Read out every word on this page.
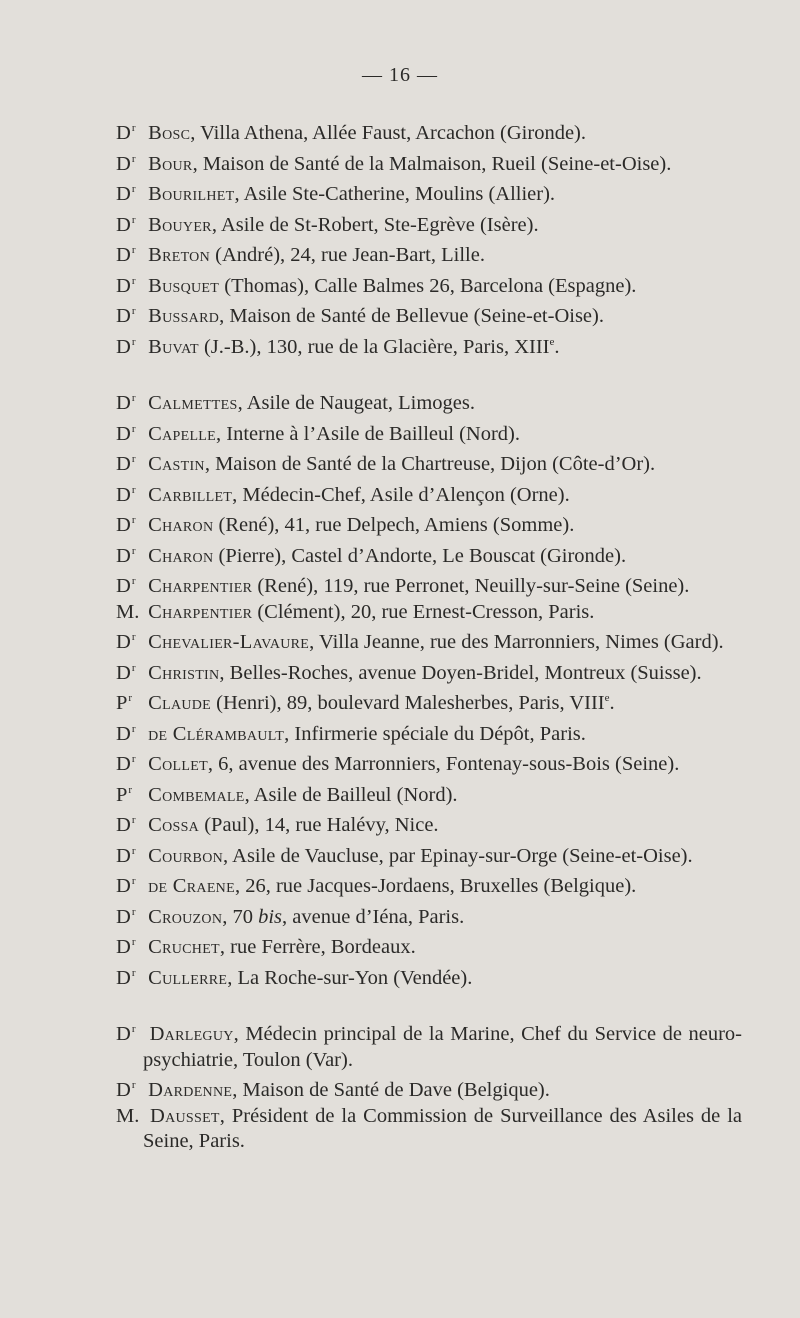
— 16 —
$D^r$ Bosc, Villa Athena, Allée Faust, Arcachon (Gironde).
$D^r$ Bour, Maison de Santé de la Malmaison, Rueil (Seine-et-Oise).
$D^r$ Bourilhet, Asile Ste-Catherine, Moulins (Allier).
$D^r$ Bouyer, Asile de St-Robert, Ste-Egrève (Isère).
$D^r$ Breton (André), 24, rue Jean-Bart, Lille.
$D^r$ Busquet (Thomas), Calle Balmes 26, Barcelona (Espagne).
$D^r$ Bussard, Maison de Santé de Bellevue (Seine-et-Oise).
$D^r$ Buvat (J.-B.), 130, rue de la Glacière, Paris, XIIIe.
$D^r$ Calmettes, Asile de Naugeat, Limoges.
$D^r$ Capelle, Interne à l’Asile de Bailleul (Nord).
$D^r$ Castin, Maison de Santé de la Chartreuse, Dijon (Côte-d’Or).
$D^r$ Carbillet, Médecin-Chef, Asile d’Alençon (Orne).
$D^r$ Charon (René), 41, rue Delpech, Amiens (Somme).
$D^r$ Charon (Pierre), Castel d’Andorte, Le Bouscat (Gironde).
$D^r$ Charpentier (René), 119, rue Perronet, Neuilly-sur-Seine (Seine).
M. Charpentier (Clément), 20, rue Ernest-Cresson, Paris.
$D^r$ Chevalier-Lavaure, Villa Jeanne, rue des Marronniers, Nimes (Gard).
$D^r$ Christin, Belles-Roches, avenue Doyen-Bridel, Montreux (Suisse).
$P^r$ Claude (Henri), 89, boulevard Malesherbes, Paris, VIIIe.
$D^r$ de Clérambault, Infirmerie spéciale du Dépôt, Paris.
$D^r$ Collet, 6, avenue des Marronniers, Fontenay-sous-Bois (Seine).
$P^r$ Combemale, Asile de Bailleul (Nord).
$D^r$ Cossa (Paul), 14, rue Halévy, Nice.
$D^r$ Courbon, Asile de Vaucluse, par Epinay-sur-Orge (Seine-et-Oise).
$D^r$ de Craene, 26, rue Jacques-Jordaens, Bruxelles (Belgique).
$D^r$ Crouzon, 70 bis, avenue d’Iéna, Paris.
$D^r$ Cruchet, rue Ferrère, Bordeaux.
$D^r$ Cullerre, La Roche-sur-Yon (Vendée).
$D^r$ Darleguy, Médecin principal de la Marine, Chef du Service de neuro-psychiatrie, Toulon (Var).
$D^r$ Dardenne, Maison de Santé de Dave (Belgique).
M. Dausset, Président de la Commission de Surveillance des Asiles de la Seine, Paris.
